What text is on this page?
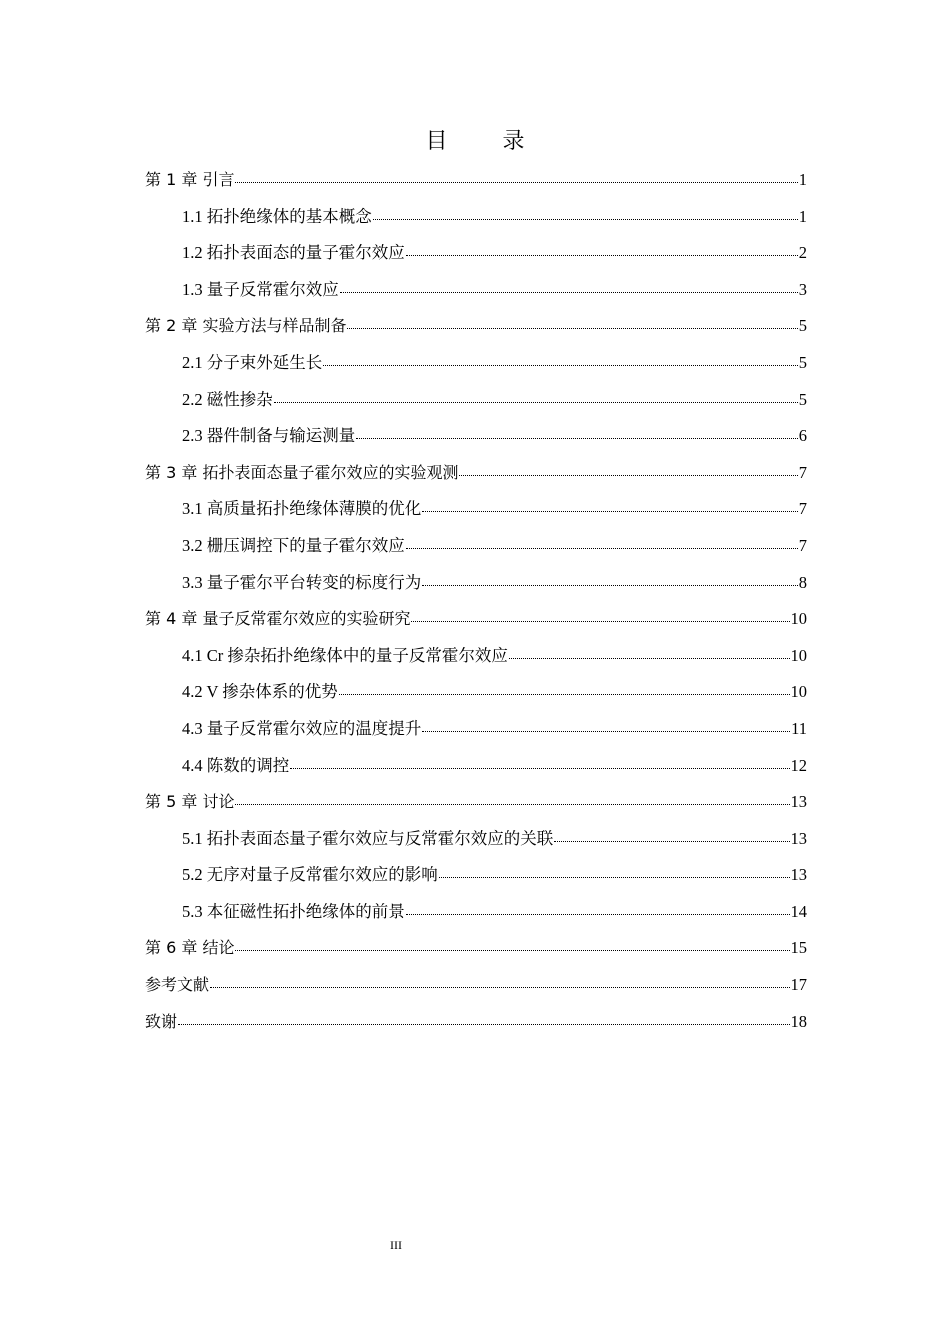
目 录
第 1 章 引言	1
1.1 拓扑绝缘体的基本概念	1
1.2 拓扑表面态的量子霍尔效应	2
1.3 量子反常霍尔效应	3
第 2 章 实验方法与样品制备	5
2.1 分子束外延生长	5
2.2 磁性掺杂	5
2.3 器件制备与输运测量	6
第 3 章 拓扑表面态量子霍尔效应的实验观测	7
3.1 高质量拓扑绝缘体薄膜的优化	7
3.2 栅压调控下的量子霍尔效应	7
3.3 量子霍尔平台转变的标度行为	8
第 4 章 量子反常霍尔效应的实验研究	10
4.1 Cr 掺杂拓扑绝缘体中的量子反常霍尔效应	10
4.2 V 掺杂体系的优势	10
4.3 量子反常霍尔效应的温度提升	11
4.4 陈数的调控	12
第 5 章 讨论	13
5.1 拓扑表面态量子霍尔效应与反常霍尔效应的关联	13
5.2 无序对量子反常霍尔效应的影响	13
5.3 本征磁性拓扑绝缘体的前景	14
第 6 章 结论	15
参考文献	17
致谢	18
III
